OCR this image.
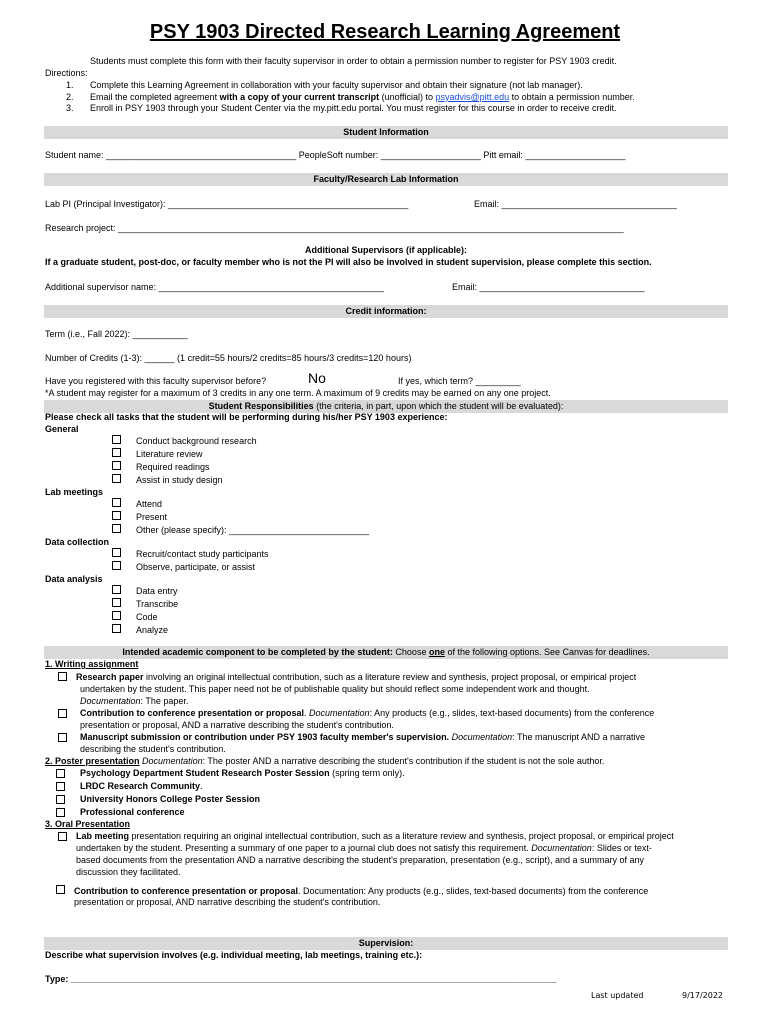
PSY 1903 Directed Research Learning Agreement
Students must complete this form with their faculty supervisor in order to obtain a permission number to register for PSY 1903 credit.
Directions:
1. Complete this Learning Agreement in collaboration with your faculty supervisor and obtain their signature (not lab manager).
2. Email the completed agreement with a copy of your current transcript (unofficial) to psyadvis@pitt.edu to obtain a permission number.
3. Enroll in PSY 1903 through your Student Center via the my.pitt.edu portal. You must register for this course in order to receive credit.
Student Information
Student name: ______________________________________ PeopleSoft number: ____________________ Pitt email: ____________________
Faculty/Research Lab Information
Lab PI (Principal Investigator): ________________________________________________	Email: ___________________________________
Research project: _____________________________________________________________________________________________________
Additional Supervisors (if applicable):
If a graduate student, post-doc, or faculty member who is not the PI will also be involved in student supervision, please complete this section.
Additional supervisor name: _____________________________________________	Email: _________________________________
Credit information:
Term (i.e., Fall 2022): ___________
Number of Credits (1-3): ______ (1 credit=55 hours/2 credits=85 hours/3 credits=120 hours)
Have you registered with this faculty supervisor before?	No	If yes, which term? _________
*A student may register for a maximum of 3 credits in any one term. A maximum of 9 credits may be earned on any one project.
Student Responsibilities (the criteria, in part, upon which the student will be evaluated):
Please check all tasks that the student will be performing during his/her PSY 1903 experience:
General
Conduct background research
Literature review
Required readings
Assist in study design
Lab meetings
Attend
Present
Other (please specify): ____________________________
Data collection
Recruit/contact study participants
Observe, participate, or assist
Data analysis
Data entry
Transcribe
Code
Analyze
Intended academic component to be completed by the student: Choose one of the following options. See Canvas for deadlines.
1. Writing assignment
Research paper involving an original intellectual contribution, such as a literature review and synthesis, project proposal, or empirical project
undertaken by the student. This paper need not be of publishable quality but should reflect some independent work and thought.
Documentation: The paper.
Contribution to conference presentation or proposal. Documentation: Any products (e.g., slides, text-based documents) from the conference
presentation or proposal, AND a narrative describing the student's contribution.
Manuscript submission or contribution under PSY 1903 faculty member's supervision. Documentation: The manuscript AND a narrative
describing the student's contribution.
2. Poster presentation Documentation: The poster AND a narrative describing the student's contribution if the student is not the sole author.
Psychology Department Student Research Poster Session (spring term only).
LRDC Research Community.
University Honors College Poster Session
Professional conference
3. Oral Presentation
Lab meeting presentation requiring an original intellectual contribution, such as a literature review and synthesis, project proposal, or empirical project
undertaken by the student. Presenting a summary of one paper to a journal club does not satisfy this requirement. Documentation: Slides or text-
based documents from the presentation AND a narrative describing the student's preparation, presentation (e.g., script), and a summary of any
discussion they facilitated.
Contribution to conference presentation or proposal. Documentation: Any products (e.g., slides, text-based documents) from the conference
presentation or proposal, AND narrative describing the student's contribution.
Supervision:
Describe what supervision involves (e.g. individual meeting, lab meetings, training etc.):
Type: _________________________________________________________________________________________________
Last updated	9/17/2022
